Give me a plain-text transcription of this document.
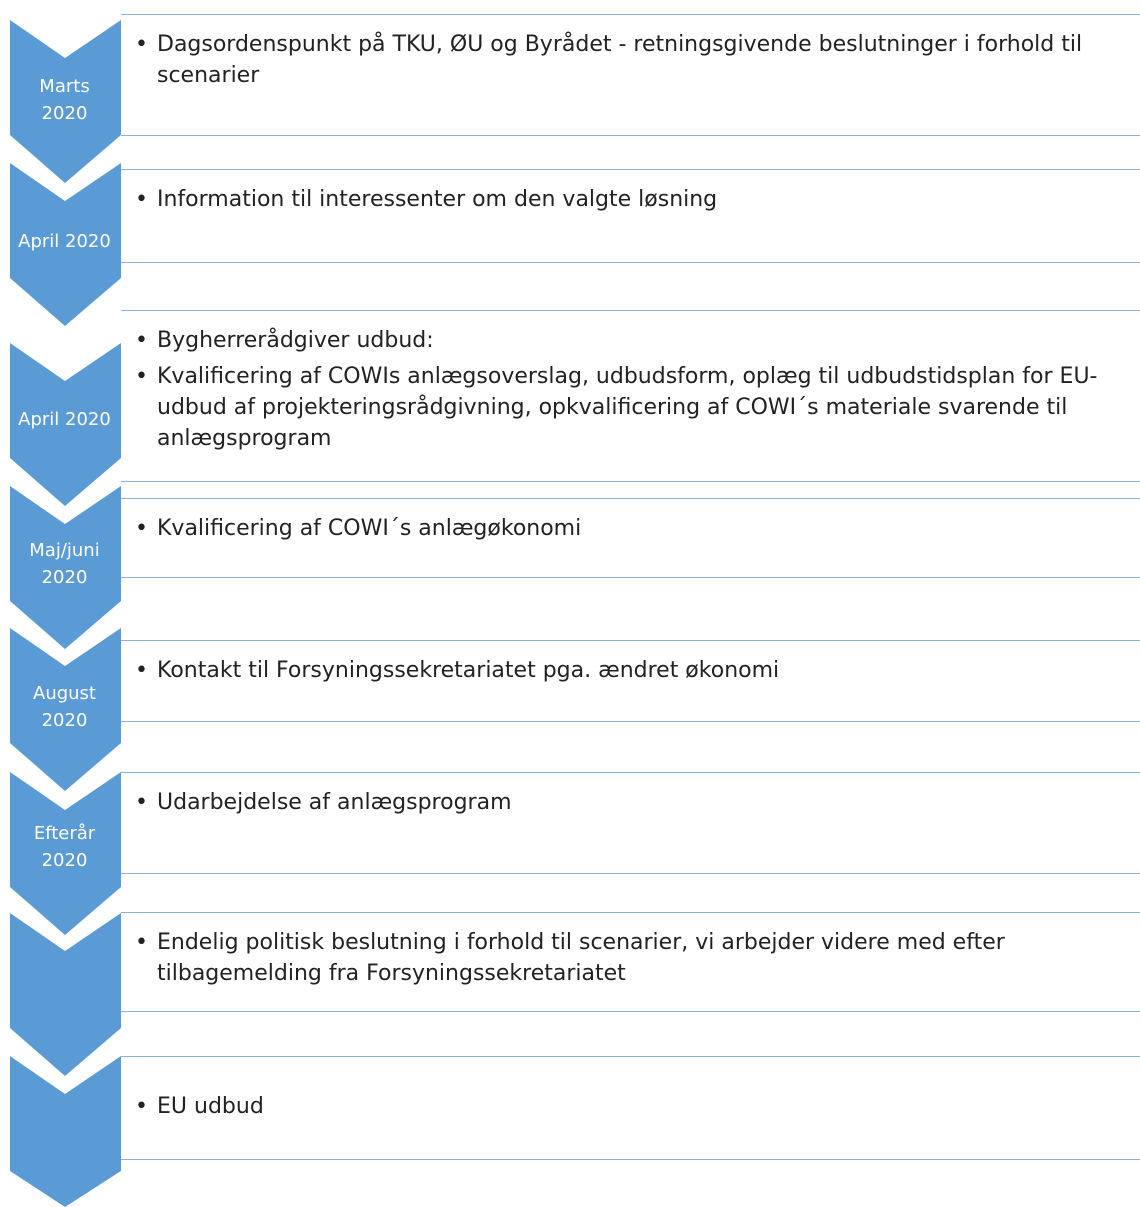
• Dagsordenspunkt på TKU, ØU og Byrådet - retningsgivende beslutninger i forhold til scenarier
• Information til interessenter om den valgte løsning
• Bygherrerådgiver udbud:
• Kvalificering af COWIs anlægsoverslag, udbudsform, oplæg til udbudstidsplan for EU-udbud af projekteringsrådgivning, opkvalificering af COWI´s materiale svarende til anlægsprogram
• Kvalificering af COWI´s anlægøkonomi
• Kontakt til Forsyningssekretariatet pga. ændret økonomi
• Udarbejdelse af anlægsprogram
• Endelig politisk beslutning i forhold til scenarier, vi arbejder videre med efter tilbagemelding fra Forsyningssekretariatet
• EU udbud
Marts
2020
April 2020
April 2020
Maj/juni
2020
August
2020
Efterår
2020
